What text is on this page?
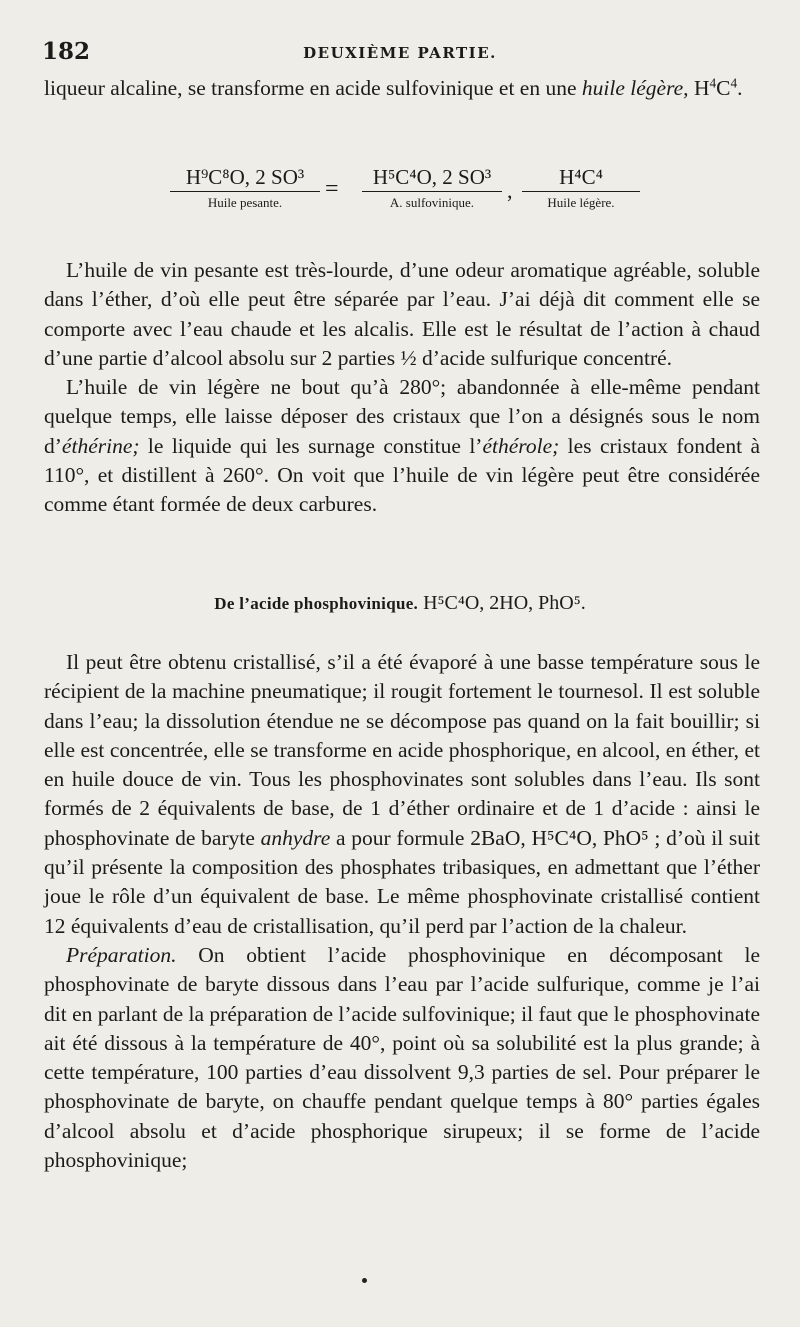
182	DEUXIÈME PARTIE.

liqueur alcaline, se transforme en acide sulfovinique et en une huile légère, $H^4C^4$.

H⁹C⁸O, 2 SO³
Huile pesante.
=	H⁵C⁴O, 2 SO³
A. sulfovinique.	,
H⁴C⁴
Huile légère.

L’huile de vin pesante est très-lourde, d’une odeur aromatique agréable, soluble dans l’éther, d’où elle peut être séparée par l’eau. J’ai déjà dit comment elle se comporte avec l’eau chaude et les alcalis. Elle est le résultat de l’action à chaud d’une partie d’alcool absolu sur 2 parties ½ d’acide sulfurique concentré.

L’huile de vin légère ne bout qu’à 280°; abandonnée à elle-même pendant quelque temps, elle laisse déposer des cristaux que l’on a désignés sous le nom d’éthérine; le liquide qui les surnage constitue l’éthérole; les cristaux fondent à 110°, et distillent à 260°. On voit que l’huile de vin légère peut être considérée comme étant formée de deux carbures.

De l’acide phosphovinique. H⁵C⁴O, 2HO, PhO⁵.

Il peut être obtenu cristallisé, s’il a été évaporé à une basse température sous le récipient de la machine pneumatique; il rougit fortement le tournesol. Il est soluble dans l’eau; la dissolution étendue ne se décompose pas quand on la fait bouillir; si elle est concentrée, elle se transforme en acide phosphorique, en alcool, en éther, et en huile douce de vin. Tous les phosphovinates sont solubles dans l’eau. Ils sont formés de 2 équivalents de base, de 1 d’éther ordinaire et de 1 d’acide : ainsi le phosphovinate de baryte anhydre a pour formule 2BaO, H⁵C⁴O, PhO⁵ ; d’où il suit qu’il présente la composition des phosphates tribasiques, en admettant que l’éther joue le rôle d’un équivalent de base. Le même phosphovinate cristallisé contient 12 équivalents d’eau de cristallisation, qu’il perd par l’action de la chaleur.

Préparation. On obtient l’acide phosphovinique en décomposant le phosphovinate de baryte dissous dans l’eau par l’acide sulfurique, comme je l’ai dit en parlant de la préparation de l’acide sulfovinique; il faut que le phosphovinate ait été dissous à la température de 40°, point où sa solubilité est la plus grande; à cette température, 100 parties d’eau dissolvent 9,3 parties de sel. Pour préparer le phosphovinate de baryte, on chauffe pendant quelque temps à 80° parties égales d’alcool absolu et d’acide phosphorique sirupeux; il se forme de l’acide phosphovinique;
